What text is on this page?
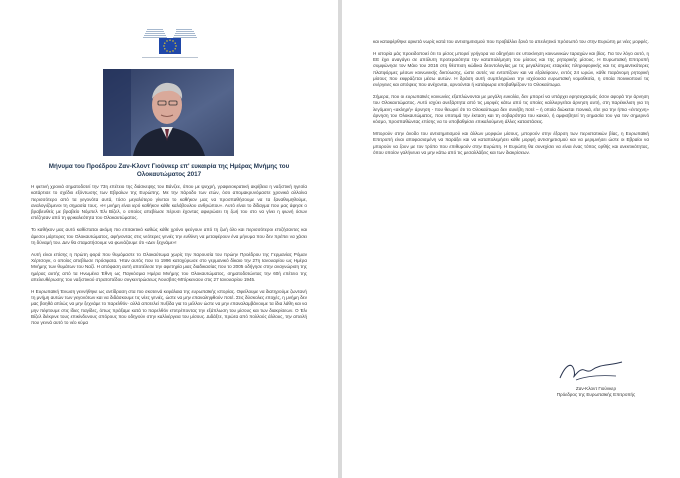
Μήνυμα του Προέδρου Ζαν-Κλοντ Γιούνκερ επ' ευκαιρία της Ημέρας Μνήμης του Ολοκαυτώματος 2017

Η φετινή χρονιά σηματοδοτεί την 73η επέτειο της διάσκεψης του Βάνζεε, όπου με ψυχρή, γραφειοκρατική ακρίβεια η ναζιστική ηγεσία κατάρτισε το σχέδιο εξόντωσης των Εβραίων της Ευρώπης. Με την πάροδο των ετών, όσο απομακρυνόμαστε χρονικά αλλοίνα περισσότερο από τα γεγονότα αυτά, τόσο μεγαλύτερο γίνεται το καθήκον μας να προσπαθήσουμε να τα ξαναθυμηθούμε, αναλογιζόμενοι τη σημασία τους. «Η μνήμη είναι ιερό καθήκον κάθε καλόβουλου ανθρώπου». Αυτό είναι το δίδαγμα που μας άφησε ο βραβευθείς με βραβείο Νόμπελ Έλι Βίζελ, ο οποίος απεβίωσε πέρυσι έχοντας αφιερώσει τη ζωή του στο να γίνει η φωνή όσων επέζησαν από τη φρικαλεότητα του Ολοκαυτώματος.

Το καθήκον μας αυτό καθίσταται ακόμη πιο επιτακτικό καθώς κάθε χρόνο φεύγουν από τη ζωή όλο και περισσότεροι επιζήσαντες και άμεσοι μάρτυρες του Ολοκαυτώματος, αφήνοντας στις νεότερες γενιές την ευθύνη να μεταφέρουν ένα μήνυμα που δεν πρέπει να χάσει τη δύναμή του. Δεν θα σταματήσουμε να φωνάζουμε ότι «Δεν ξεχνάμε»!

Αυτή είναι επίσης η πρώτη φορά που θυμόμαστε το Ολοκαύτωμα χωρίς την παρουσία του πρώην Προέδρου της Γερμανίας Ρόμαν Χέρτσογκ, ο οποίος απεβίωσε πρόσφατα. Ήταν αυτός που το 1996 κατοχύρωσε στο γερμανικό δίκαιο την 27η Ιανουαρίου ως Ημέρα Μνήμης των θυμάτων του Ναζί. Η απόφαση αυτή αποτέλεσε την αφετηρία μιας διαδικασίας που το 2005 οδήγησε στην αναγνώριση της ημέρας αυτής από τα Ηνωμένα Έθνη ως Παγκόσμια Ημέρα Μνήμης του Ολοκαυτώματος, σηματοδοτώντας την 60ή επέτειο της απελευθέρωσης του ναζιστικού στρατοπέδου συγκεντρώσεως Άουσβιτς-Μπίρκεναου στις 27 Ιανουαρίου 1945.

Η Ευρωπαϊκή Ένωση γεννήθηκε ως αντίδραση στα πιο σκοτεινά κεφάλαια της ευρωπαϊκής ιστορίας. Οφείλουμε να διατηρούμε ζωντανή τη μνήμη αυτών των γεγονότων και να διδάσκουμε τις νέες γενιές, ώστε να μην επαναληφθούν ποτέ. Στις δύσκολες εποχές, η μνήμη δεν μας βοηθά απλώς να μην ξεχνάμε το παρελθόν· αλλά αποτελεί πυξίδα για το μέλλον ώστε να μην επαναλαμβάνουμε τα ίδια λάθη και να μην πέφτουμε στις ίδιες παγίδες, όπως πράξαμε κατά το παρελθόν επιτρέποντας την εξάπλωση του μίσους και των διακρίσεων. Ο Έλι Βίζελ διέκρινε τους επικίνδυνους σπόρους που οδηγούν στην καλλιέργεια του μίσους. Διδάξτε, πρώτα από πολλούς άλλους, την απειλή που γεννά αυτό το νέο κύμα

και καταφέρθηκε αρκετά νωρίς κατά του αντισημιτισμού που προβάλλει ξανά το απειλητικό πρόσωπό του στην Ευρώπη με νέες μορφές.

Η ιστορία μάς προειδοποιεί ότι το μίσος μπορεί γρήγορα να οδηγήσει σε υποκίνηση κοινωνικών ταραχών και βίας. Για τον λόγο αυτό, η ΕΕ έχει αναγάγει σε απόλυτη προτεραιότητα την καταπολέμηση του μίσους και της ρητορικής μίσους. Η Ευρωπαϊκή Επιτροπή συμφώνησε τον Μάιο του 2016 στη θέσπιση κώδικα δεοντολογίας με τις μεγαλύτερες εταιρείες πληροφορικής και τις σημαντικότερες πλατφόρμες μέσων κοινωνικής δικτύωσης, ώστε αυτές να εντοπίζουν και να εξαλείφουν, εντός 24 ωρών, κάθε παράνομη ρητορική μίσους που εκφράζεται μέσω αυτών. Η δράση αυτή συμπληρώνει την ισχύουσα ευρωπαϊκή νομοθεσία, η οποία ποινικοποιεί τις ενέργειες και απόψεις που ανέχονται, αρνούνται ή κατάφωρα υποβαθμίζουν το Ολοκαύτωμα.

Σήμερα, που οι ευρωπαϊκές κοινωνίες εξαπλώνονται με μεγάλη ευκολία, δεν μπορεί να υπάρχει εφησυχασμός όσον αφορά την άρνηση του Ολοκαυτώματος. Αυτό ισχύει ανεξάρτητα από τις μορφές κάτω από τις οποίες καλλιεργείται άρνηση αυτή, στη παρέκκλιση για τη λεγόμενη «ακληρή» άρνηση - που θεωρεί ότι το Ολοκαύτωμα δεν συνέβη ποτέ – ή οποία διώκεται ποινικά, είτε για την ήπια «έντεχνη» άρνηση του Ολοκαυτώματος, που υποτιμά την έκταση και τη σοβαρότητα του κακού, ή αμφισβητεί τη σημασία του για τον σημερινό κόσμο, προσπαθώντας επίσης να το υποβαθμίσει επικαλούμενη άλλες καταστάσεις.

Μπορούν στην άνοδο του αντισημιτισμού και άλλων μορφών μίσους, μπορούν στην έξαρση των περιστατικών βίας, η Ευρωπαϊκή Επιτροπή είναι αποφασισμένη να παράξει και να καταπολεμήσει κάθε μορφή αντισημιτισμού και να μεριμνήσει ώστε οι Εβραίοι να μπορούν να ζουν με τον τρόπο που επιθυμούν στην Ευρώπη. Η Ευρώπη θα συνεχίσει να είναι ένας τόπος ορθής και ανεκτικότητας, όπου οποίον γαλήνευει να μην κάτω από τις μεσαλλάξεις και των διακρίσεων.

Ζαν-Κλοντ Γιούνκερ
Πρόεδρος της Ευρωπαϊκής Επιτροπής
